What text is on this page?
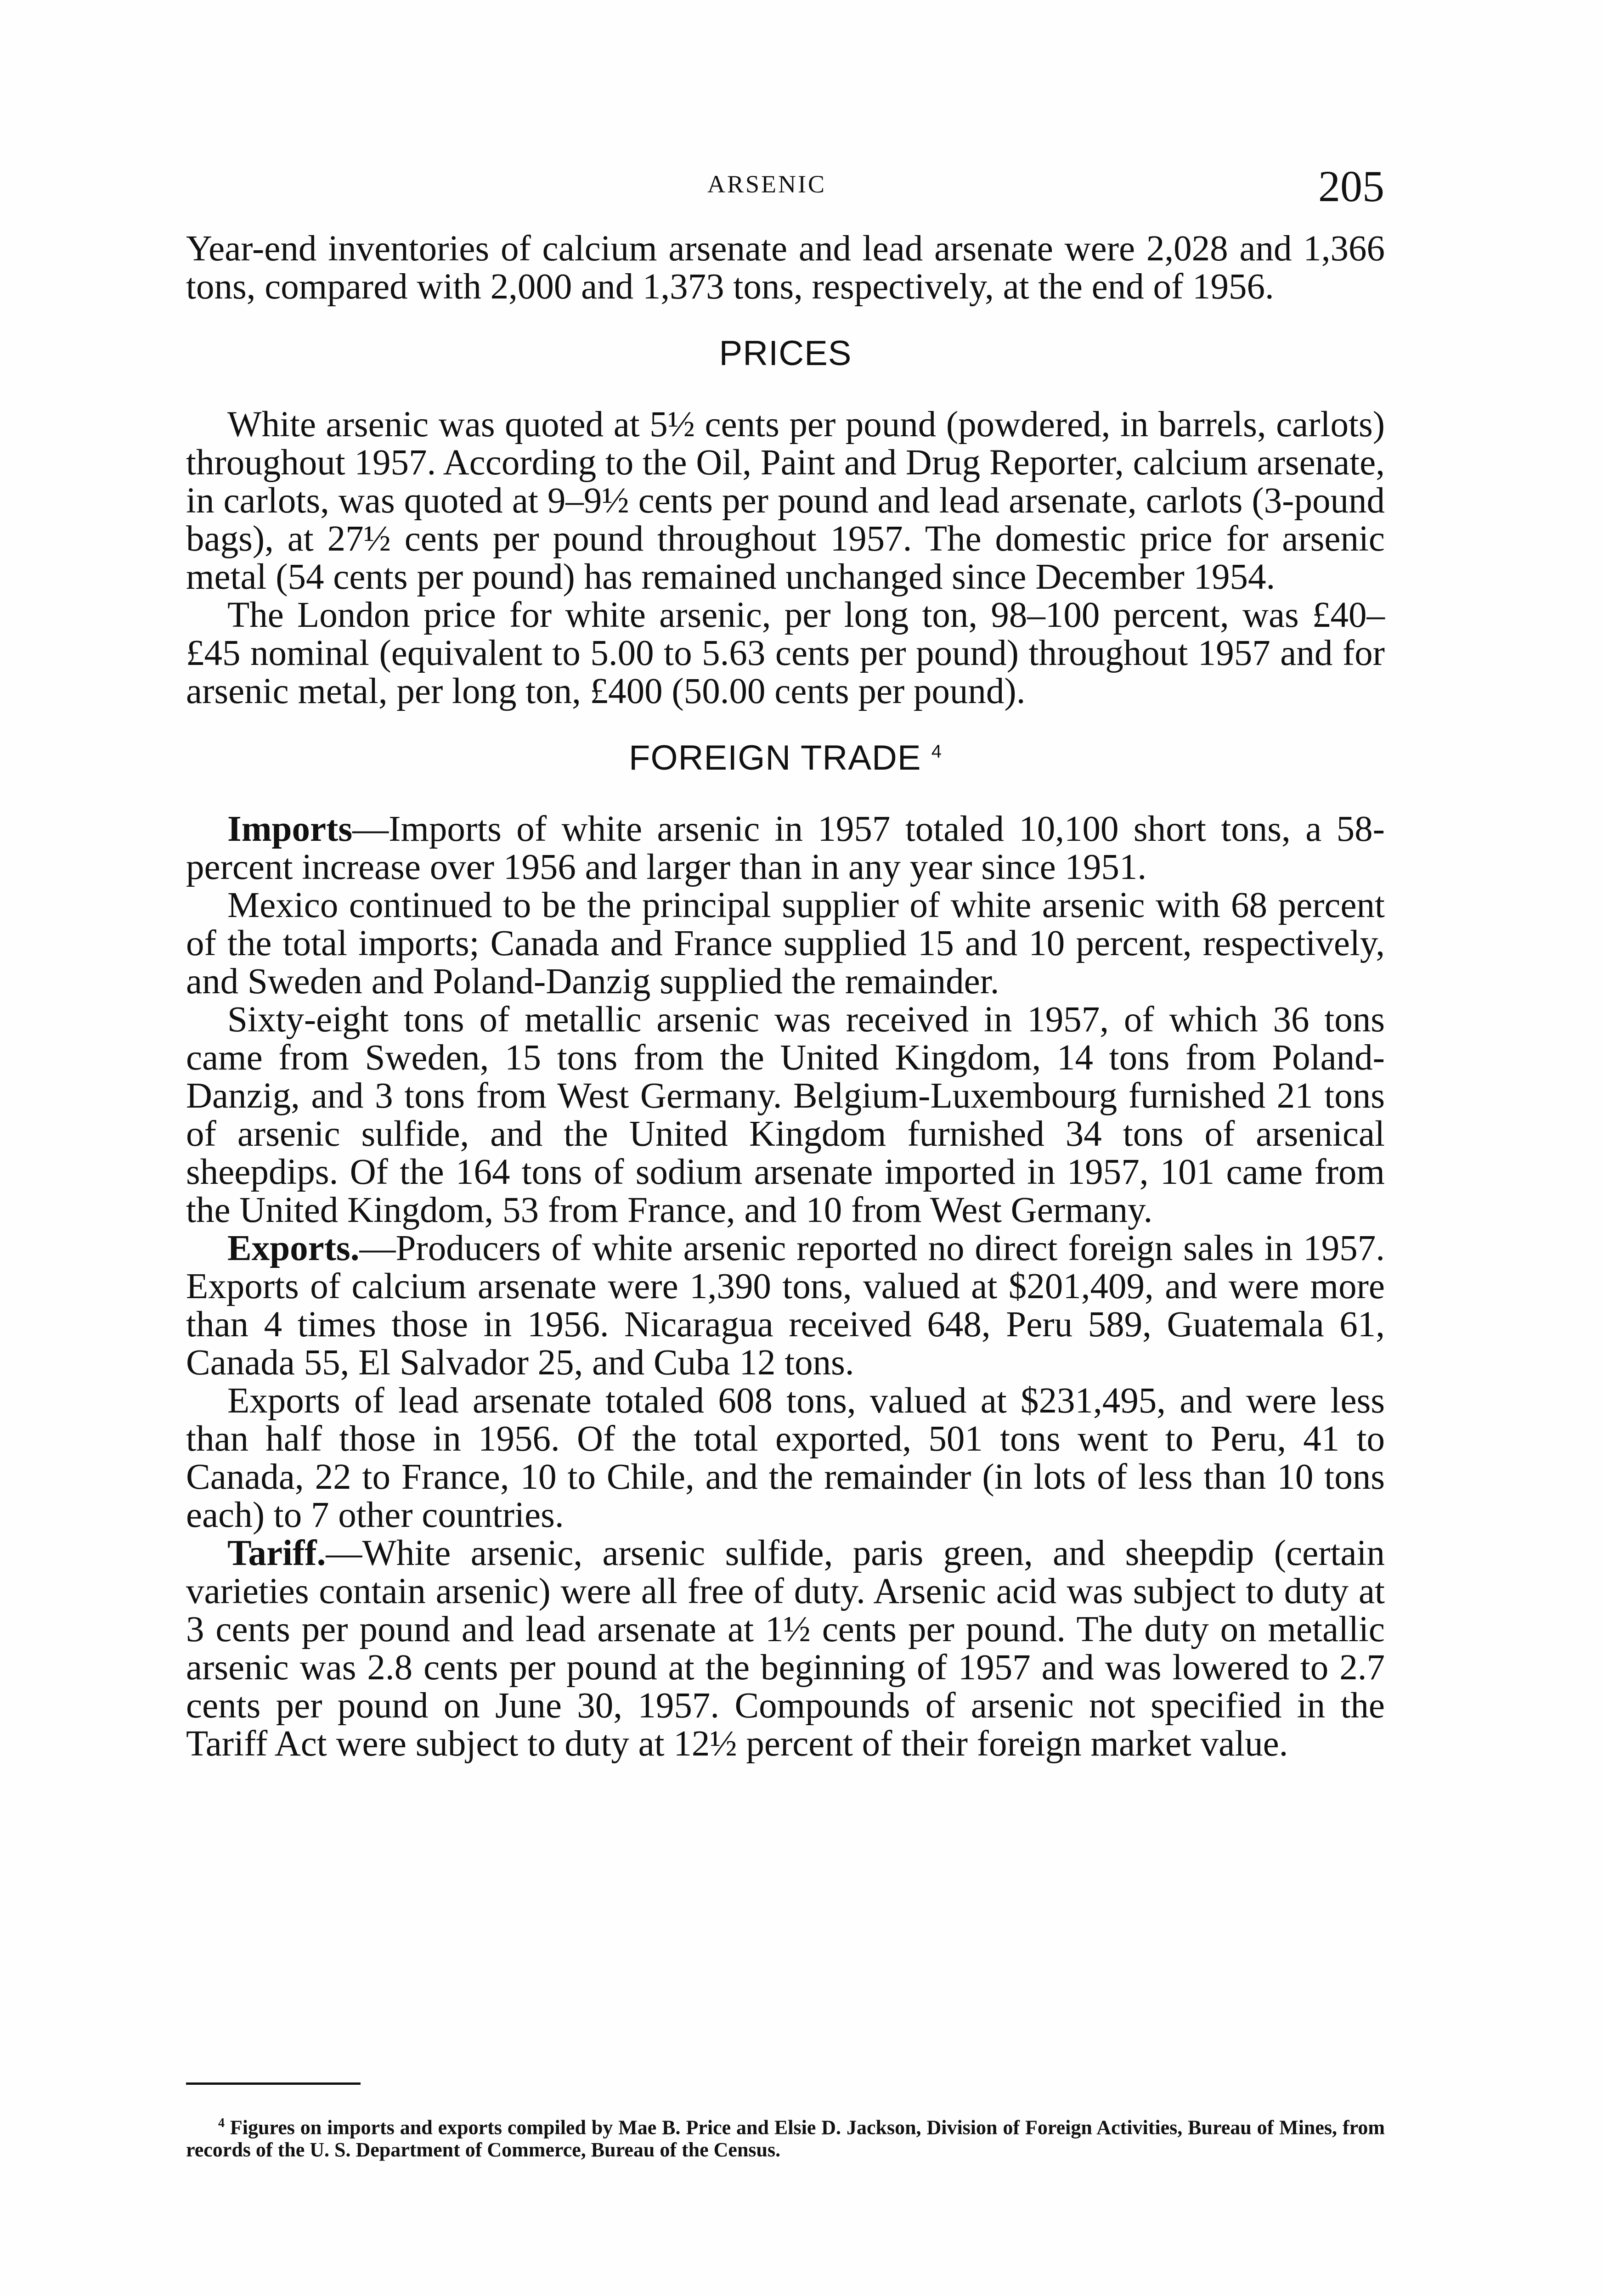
ARSENIC	205

Year-end inventories of calcium arsenate and lead arsenate were 2,028 and 1,366 tons, compared with 2,000 and 1,373 tons, respectively, at the end of 1956.

PRICES

White arsenic was quoted at 5½ cents per pound (powdered, in barrels, carlots) throughout 1957. According to the Oil, Paint and Drug Reporter, calcium arsenate, in carlots, was quoted at 9–9½ cents per pound and lead arsenate, carlots (3-pound bags), at 27½ cents per pound throughout 1957. The domestic price for arsenic metal (54 cents per pound) has remained unchanged since December 1954.

The London price for white arsenic, per long ton, 98–100 percent, was £40–£45 nominal (equivalent to 5.00 to 5.63 cents per pound) throughout 1957 and for arsenic metal, per long ton, £400 (50.00 cents per pound).

FOREIGN TRADE $^4$

Imports—Imports of white arsenic in 1957 totaled 10,100 short tons, a 58-percent increase over 1956 and larger than in any year since 1951.

Mexico continued to be the principal supplier of white arsenic with 68 percent of the total imports; Canada and France supplied 15 and 10 percent, respectively, and Sweden and Poland-Danzig supplied the remainder.

Sixty-eight tons of metallic arsenic was received in 1957, of which 36 tons came from Sweden, 15 tons from the United Kingdom, 14 tons from Poland-Danzig, and 3 tons from West Germany. Belgium-Luxembourg furnished 21 tons of arsenic sulfide, and the United Kingdom furnished 34 tons of arsenical sheepdips. Of the 164 tons of sodium arsenate imported in 1957, 101 came from the United Kingdom, 53 from France, and 10 from West Germany.

Exports.—Producers of white arsenic reported no direct foreign sales in 1957. Exports of calcium arsenate were 1,390 tons, valued at $201,409, and were more than 4 times those in 1956. Nicaragua received 648, Peru 589, Guatemala 61, Canada 55, El Salvador 25, and Cuba 12 tons.

Exports of lead arsenate totaled 608 tons, valued at $231,495, and were less than half those in 1956. Of the total exported, 501 tons went to Peru, 41 to Canada, 22 to France, 10 to Chile, and the remainder (in lots of less than 10 tons each) to 7 other countries.

Tariff.—White arsenic, arsenic sulfide, paris green, and sheepdip (certain varieties contain arsenic) were all free of duty. Arsenic acid was subject to duty at 3 cents per pound and lead arsenate at 1½ cents per pound. The duty on metallic arsenic was 2.8 cents per pound at the beginning of 1957 and was lowered to 2.7 cents per pound on June 30, 1957. Compounds of arsenic not specified in the Tariff Act were subject to duty at 12½ percent of their foreign market value.

$^4$ Figures on imports and exports compiled by Mae B. Price and Elsie D. Jackson, Division of Foreign Activities, Bureau of Mines, from records of the U. S. Department of Commerce, Bureau of the Census.
